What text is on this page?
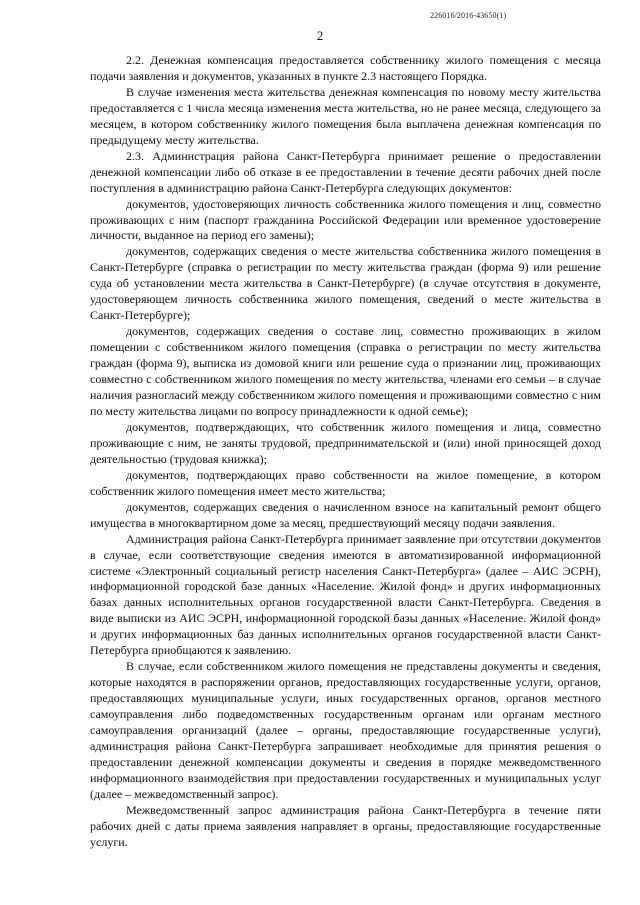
226016/2016-43650(1)
2

2.2. Денежная компенсация предоставляется собственнику жилого помещения с месяца подачи заявления и документов, указанных в пункте 2.3 настоящего Порядка.

В случае изменения места жительства денежная компенсация по новому месту жительства предоставляется с 1 числа месяца изменения места жительства, но не ранее месяца, следующего за месяцем, в котором собственнику жилого помещения была выплачена денежная компенсация по предыдущему месту жительства.

2.3. Администрация района Санкт-Петербурга принимает решение о предоставлении денежной компенсации либо об отказе в ее предоставлении в течение десяти рабочих дней после поступления в администрацию района Санкт-Петербурга следующих документов:

документов, удостоверяющих личность собственника жилого помещения и лиц, совместно проживающих с ним (паспорт гражданина Российской Федерации или временное удостоверение личности, выданное на период его замены);

документов, содержащих сведения о месте жительства собственника жилого помещения в Санкт-Петербурге (справка о регистрации по месту жительства граждан (форма 9) или решение суда об установлении места жительства в Санкт-Петербурге) (в случае отсутствия в документе, удостоверяющем личность собственника жилого помещения, сведений о месте жительства в Санкт-Петербурге);

документов, содержащих сведения о составе лиц, совместно проживающих в жилом помещении с собственником жилого помещения (справка о регистрации по месту жительства граждан (форма 9), выписка из домовой книги или решение суда о признании лиц, проживающих совместно с собственником жилого помещения по месту жительства, членами его семьи – в случае наличия разногласий между собственником жилого помещения и проживающими совместно с ним по месту жительства лицами по вопросу принадлежности к одной семье);

документов, подтверждающих, что собственник жилого помещения и лица, совместно проживающие с ним, не заняты трудовой, предпринимательской и (или) иной приносящей доход деятельностью (трудовая книжка);

документов, подтверждающих право собственности на жилое помещение, в котором собственник жилого помещения имеет место жительства;

документов, содержащих сведения о начисленном взносе на капитальный ремонт общего имущества в многоквартирном доме за месяц, предшествующий месяцу подачи заявления.

Администрация района Санкт-Петербурга принимает заявление при отсутствии документов в случае, если соответствующие сведения имеются в автоматизированной информационной системе «Электронный социальный регистр населения Санкт-Петербурга» (далее – АИС ЭСРН), информационной городской базе данных «Население. Жилой фонд» и других информационных базах данных исполнительных органов государственной власти Санкт-Петербурга. Сведения в виде выписки из АИС ЭСРН, информационной городской базы данных «Население. Жилой фонд» и других информационных баз данных исполнительных органов государственной власти Санкт-Петербурга приобщаются к заявлению.

В случае, если собственником жилого помещения не представлены документы и сведения, которые находятся в распоряжении органов, предоставляющих государственные услуги, органов, предоставляющих муниципальные услуги, иных государственных органов, органов местного самоуправления либо подведомственных государственным органам или органам местного самоуправления организаций (далее – органы, предоставляющие государственные услуги), администрация района Санкт-Петербурга запрашивает необходимые для принятия решения о предоставлении денежной компенсации документы и сведения в порядке межведомственного информационного взаимодействия при предоставлении государственных и муниципальных услуг (далее – межведомственный запрос).

Межведомственный запрос администрация района Санкт-Петербурга в течение пяти рабочих дней с даты приема заявления направляет в органы, предоставляющие государственные услуги.
